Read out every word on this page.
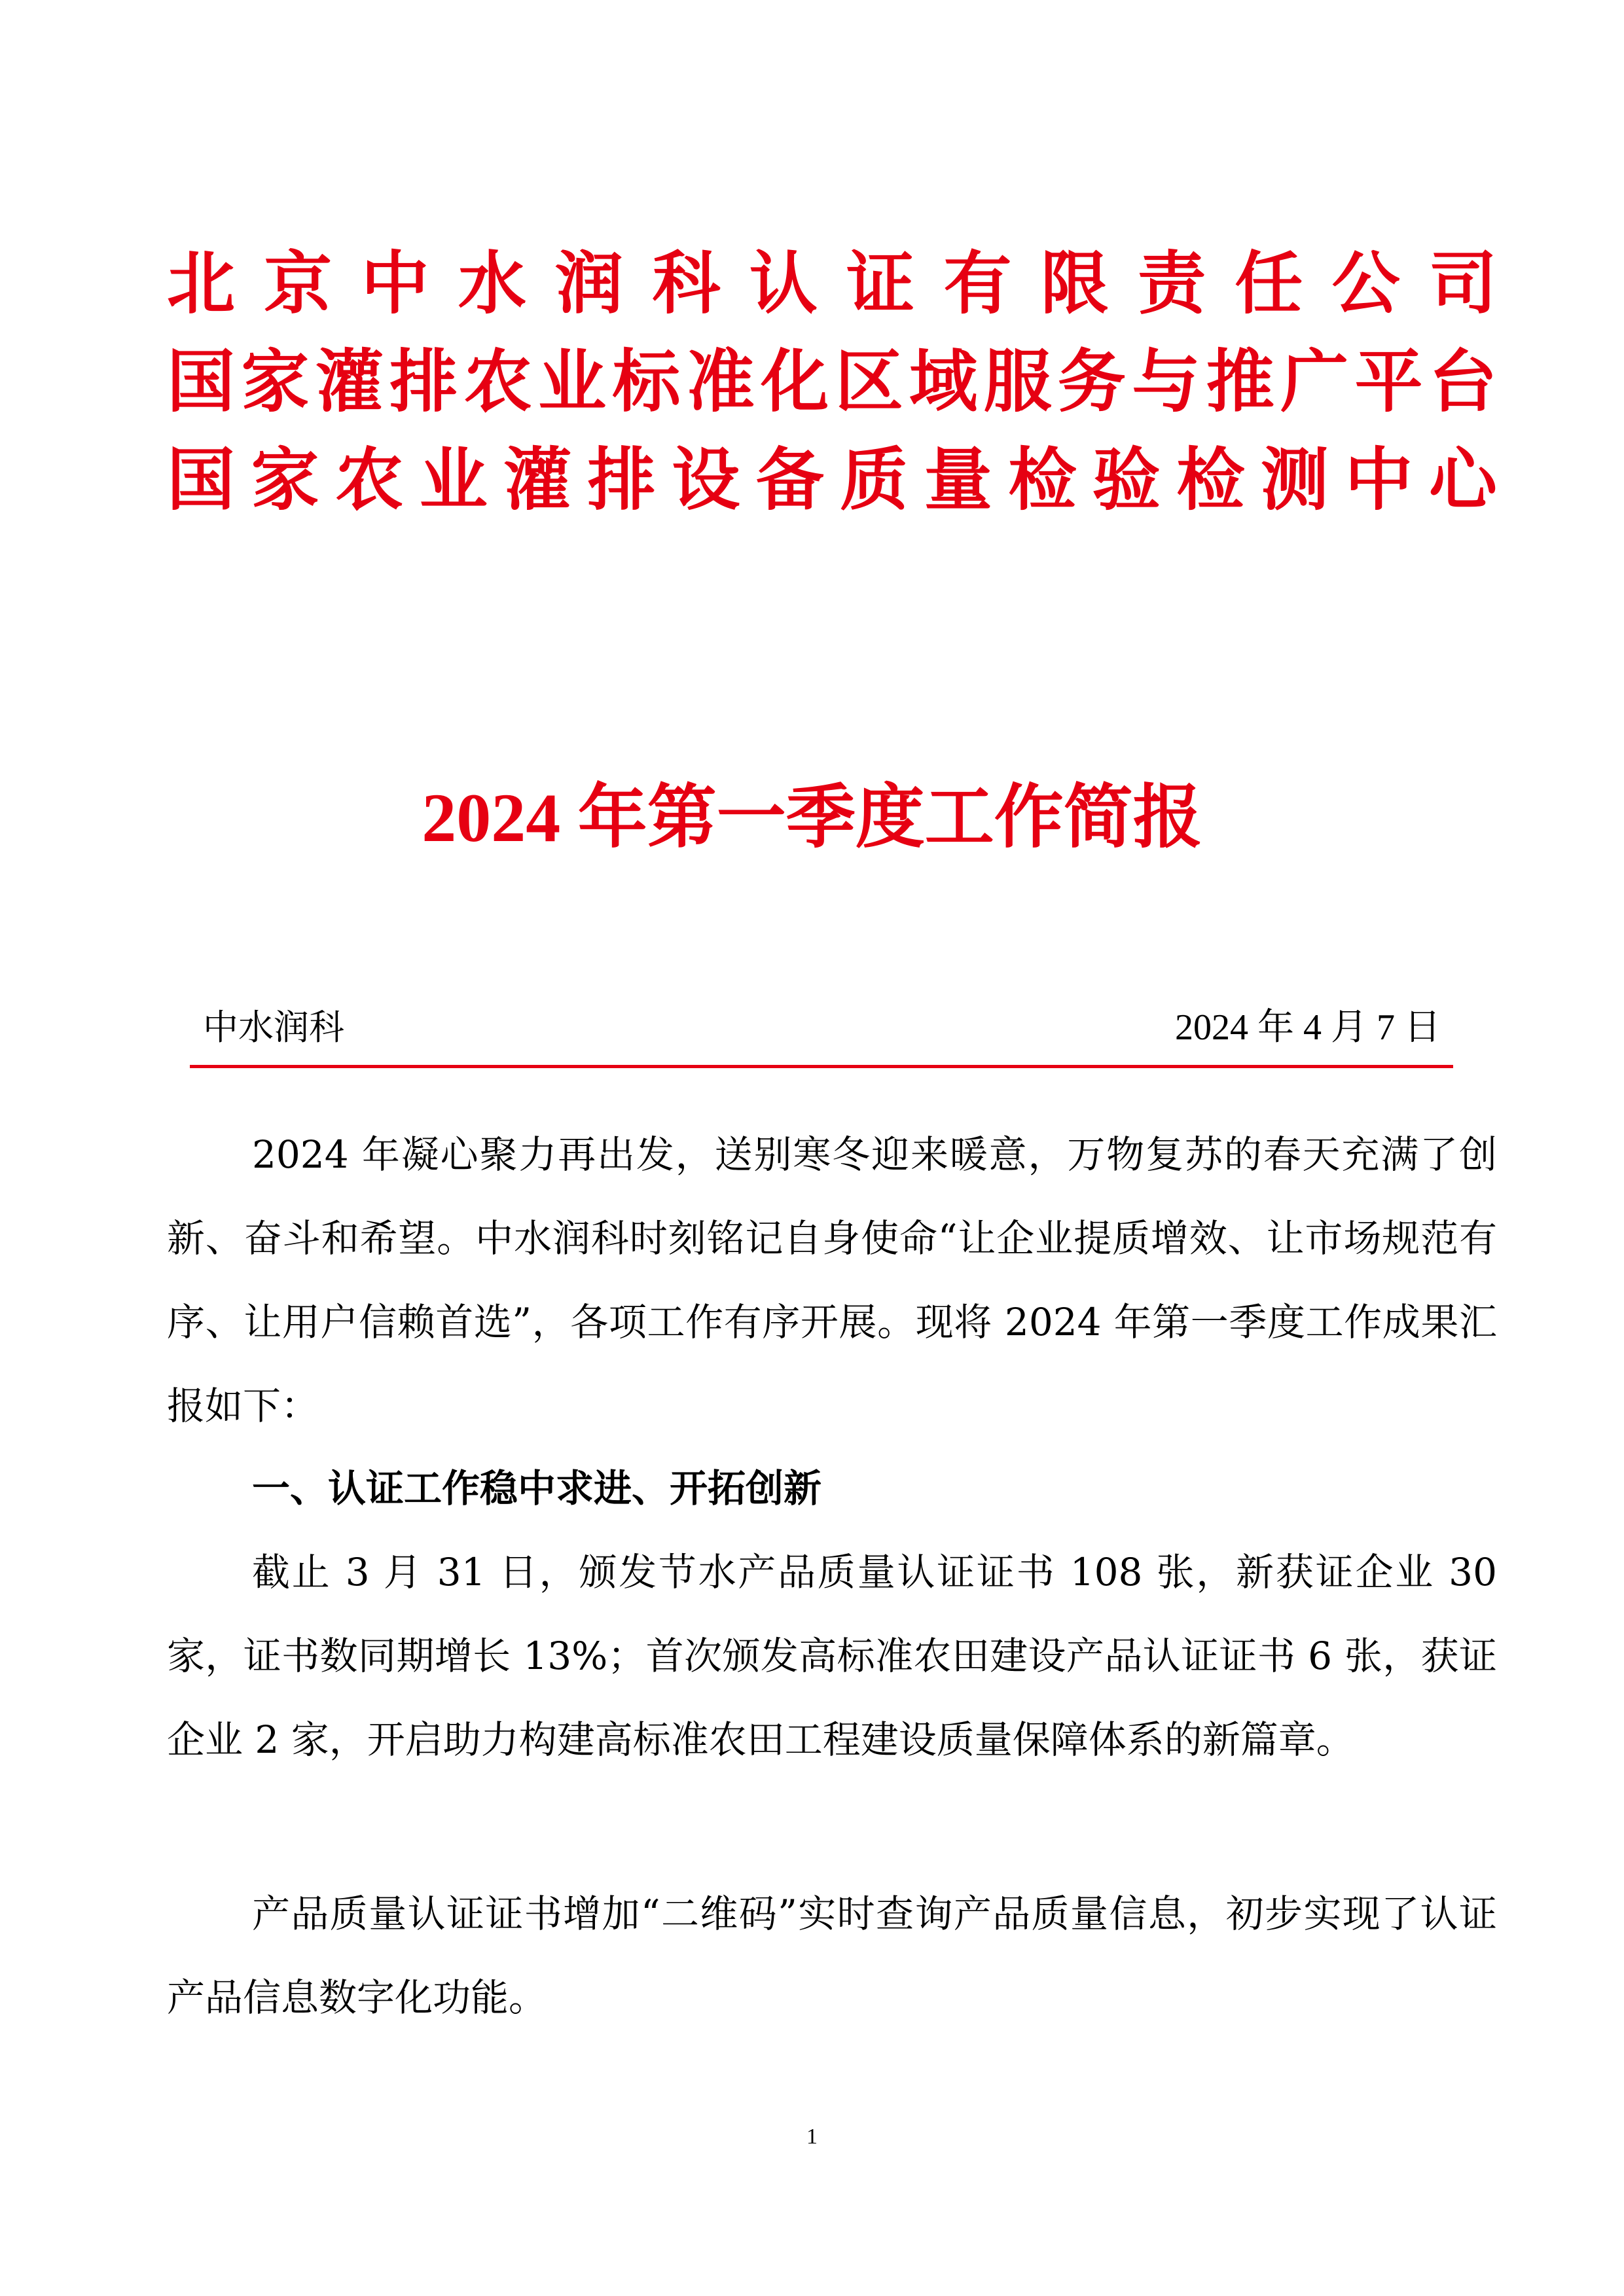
北京中水润科认证有限责任公司
国家灌排农业标准化区域服务与推广平台
国家农业灌排设备质量检验检测中心
2024 年第一季度工作简报
中水润科	2024 年 4 月 7 日

2024 年凝心聚力再出发，送别寒冬迎来暖意，万物复苏的春天充满了创新、奋斗和希望。中水润科时刻铭记自身使命“让企业提质增效、让市场规范有序、让用户信赖首选”，各项工作有序开展。现将 2024 年第一季度工作成果汇报如下：

一、认证工作稳中求进、开拓创新

截止 3 月 31 日，颁发节水产品质量认证证书 108 张，新获证企业 30 家，证书数同期增长 13%；首次颁发高标准农田建设产品认证证书 6 张，获证企业 2 家，开启助力构建高标准农田工程建设质量保障体系的新篇章。

产品质量认证证书增加“二维码”实时查询产品质量信息，初步实现了认证产品信息数字化功能。

1
